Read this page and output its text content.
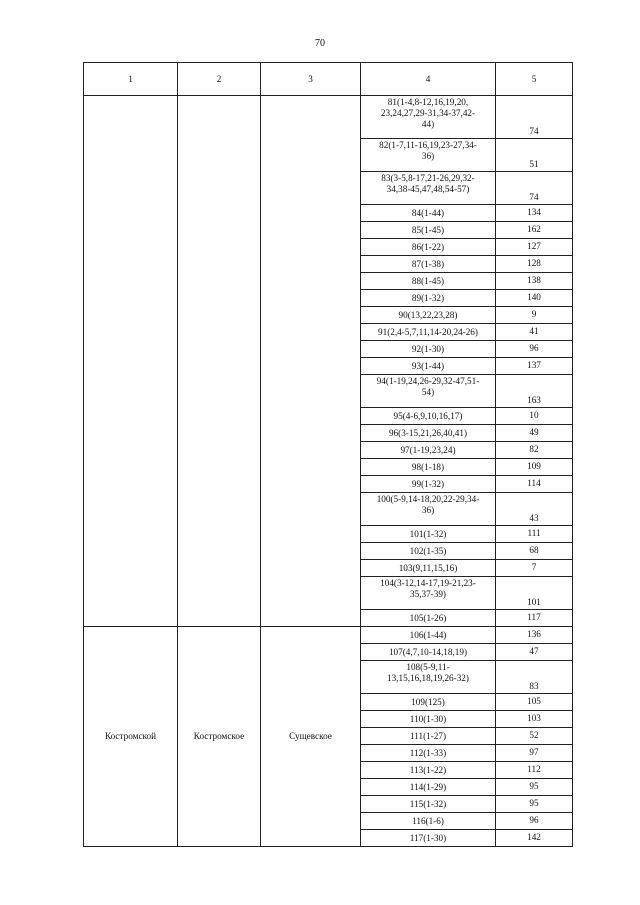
70
1	2	3	4	5

			81(1-4,8-12,16,19,20,
23,24,27,29-31,34-37,42-
44)	74

			82(1-7,11-16,19,23-27,34-
36)	51

			83(3-5,8-17,21-26,29,32-
34,38-45,47,48,54-57)	74

			84(1-44)	134

			85(1-45)	162

			86(1-22)	127

			87(1-38)	128

			88(1-45)	138

			89(1-32)	140

			90(13,22,23,28)	9

			91(2,4-5,7,11,14-20,24-26)	41

			92(1-30)	96

			93(1-44)	137

			94(1-19,24,26-29,32-47,51-
54)	163

			95(4-6,9,10,16,17)	10

			96(3-15,21,26,40,41)	49

			97(1-19,23,24)	82

			98(1-18)	109

			99(1-32)	114

			100(5-9,14-18,20,22-29,34-
36)	43

			101(1-32)	111

			102(1-35)	68

			103(9,11,15,16)	7

			104(3-12,14-17,19-21,23-
35,37-39)	101

			105(1-26)	117
Костромской	Костромское	Сущевское	106(1-44)	136

			107(4,7,10-14,18,19)	47

			108(5-9,11-
13,15,16,18,19,26-32)	83

			109(125)	105

			110(1-30)	103

			111(1-27)	52

			112(1-33)	97

			113(1-22)	112

			114(1-29)	95

			115(1-32)	95

			116(1-6)	96

			117(1-30)	142
